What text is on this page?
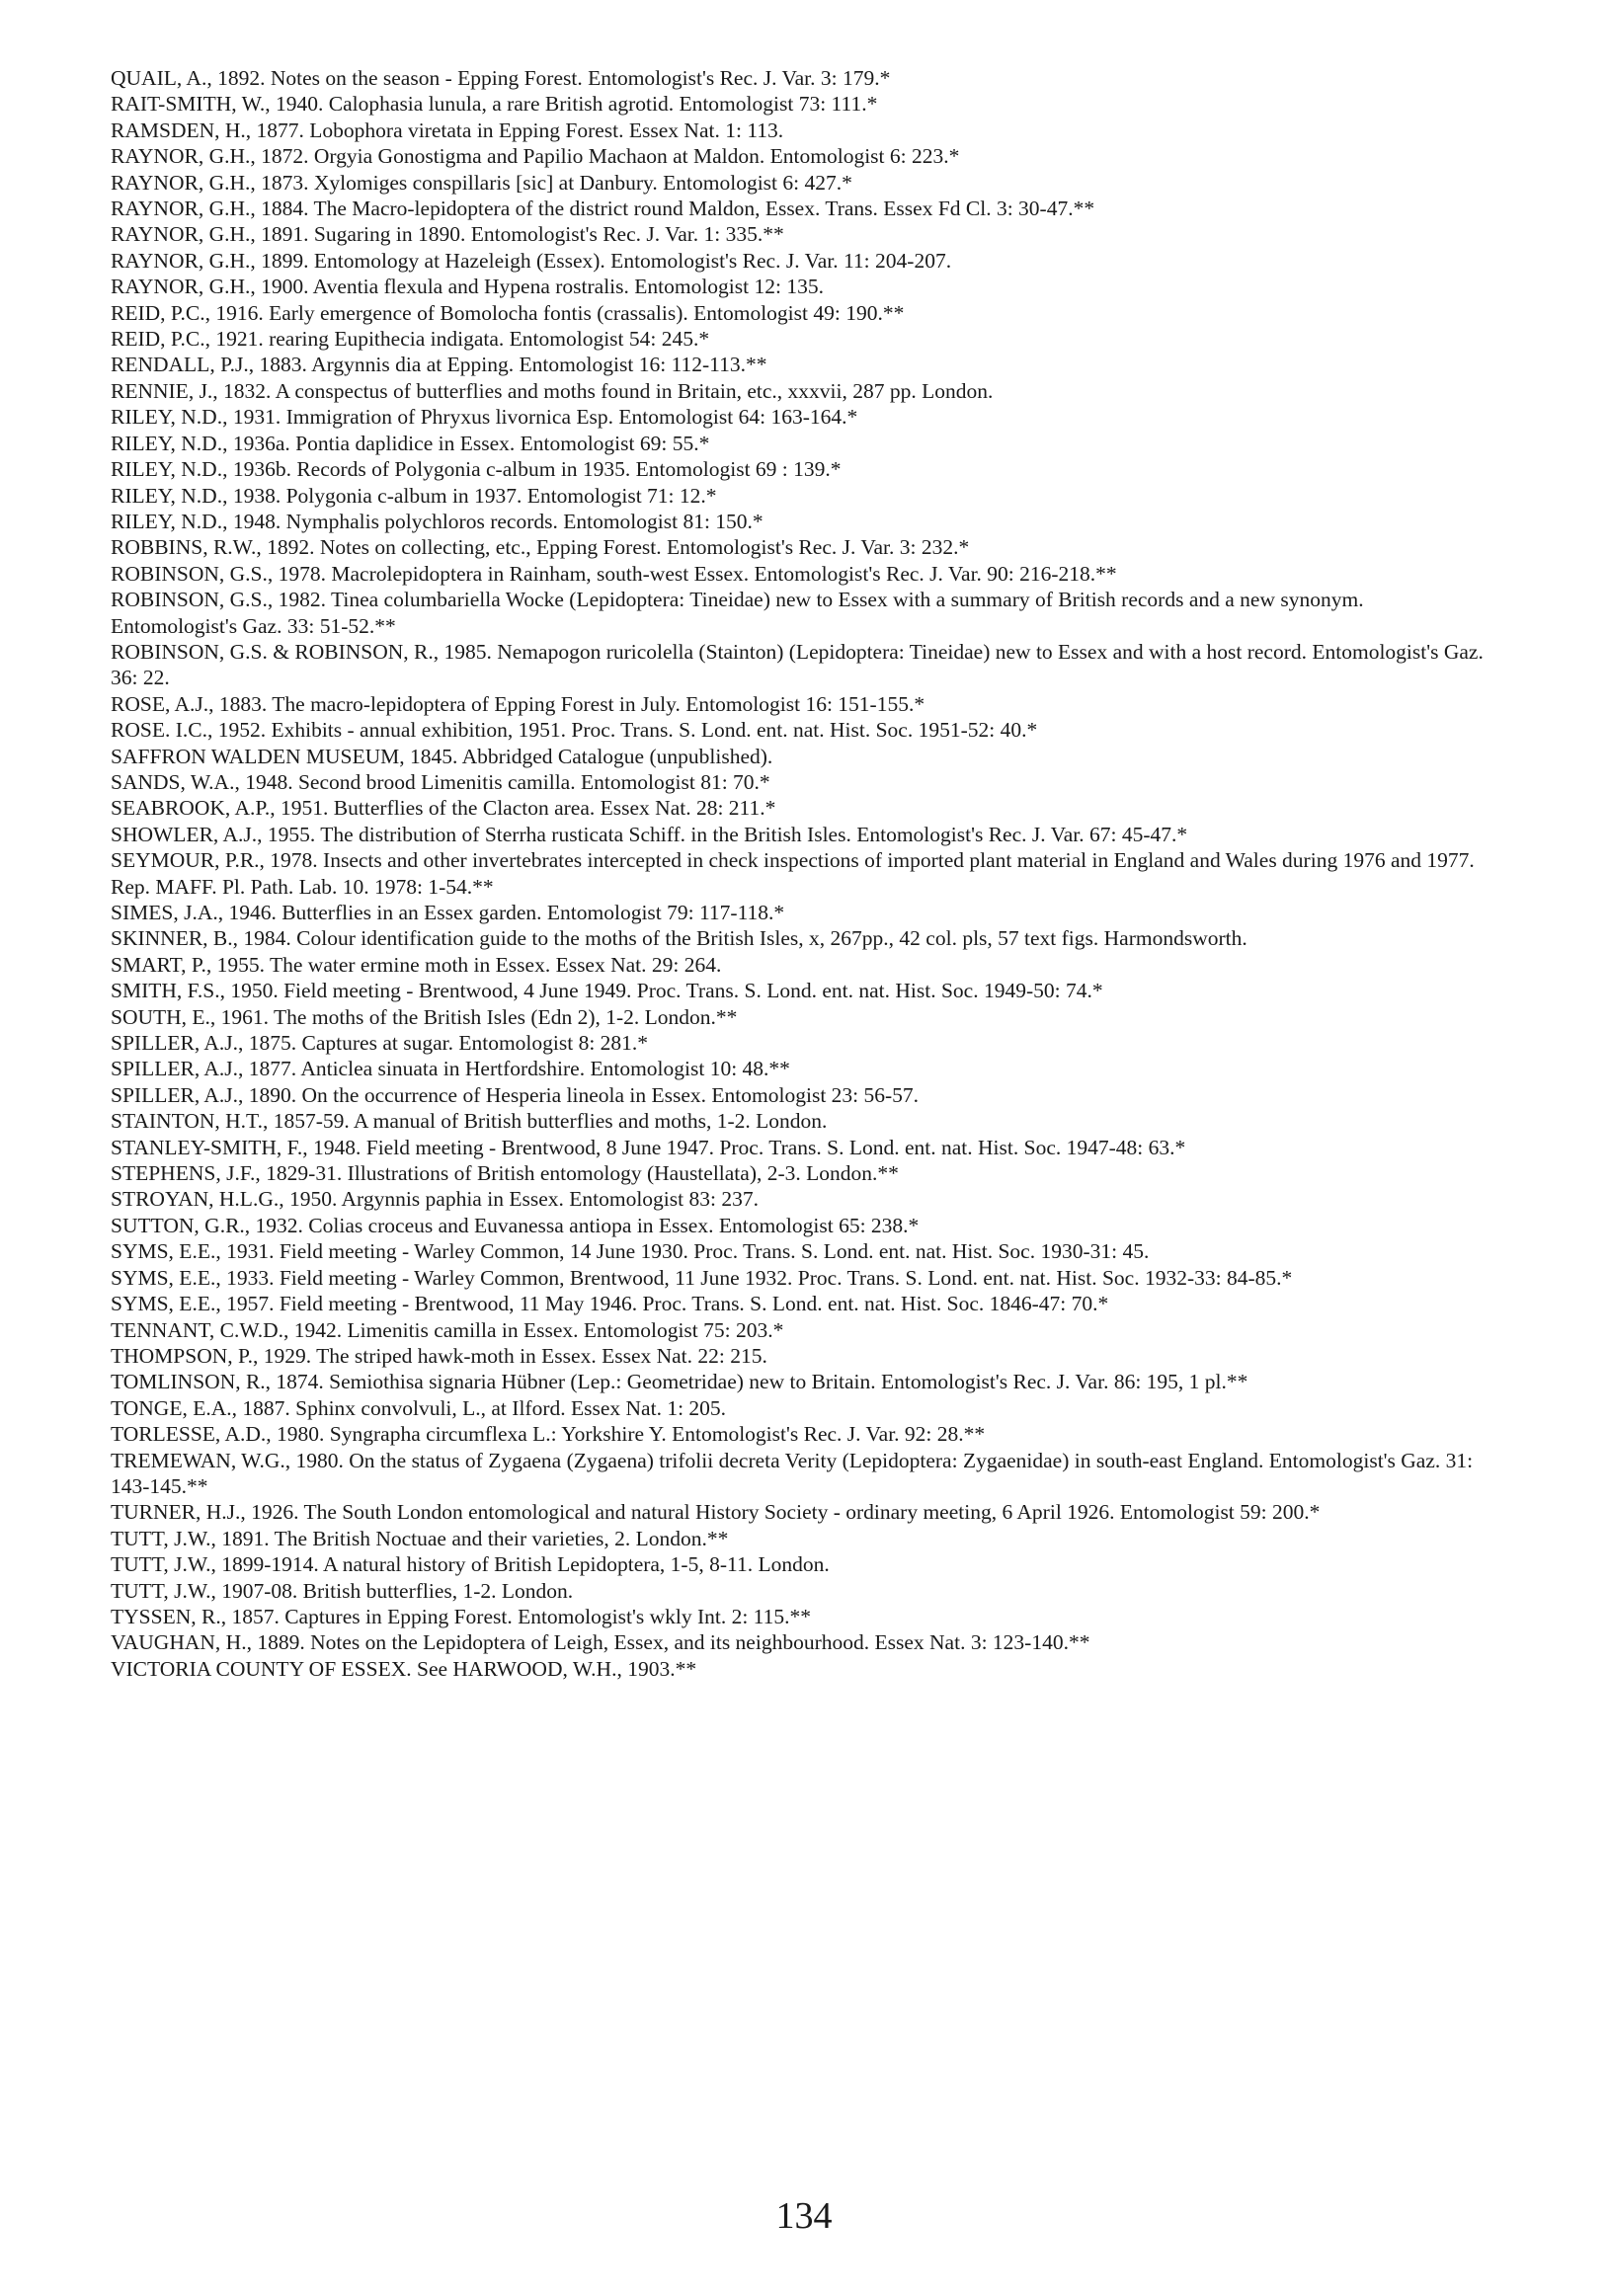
QUAIL, A., 1892. Notes on the season - Epping Forest. Entomologist's Rec. J. Var. 3: 179.*

RAIT-SMITH, W., 1940. Calophasia lunula, a rare British agrotid. Entomologist 73: 111.*

RAMSDEN, H., 1877. Lobophora viretata in Epping Forest. Essex Nat. 1: 113.

RAYNOR, G.H., 1872. Orgyia Gonostigma and Papilio Machaon at Maldon. Entomologist 6: 223.*

RAYNOR, G.H., 1873. Xylomiges conspillaris [sic] at Danbury. Entomologist 6: 427.*

RAYNOR, G.H., 1884. The Macro-lepidoptera of the district round Maldon, Essex. Trans. Essex Fd Cl. 3: 30-47.**

RAYNOR, G.H., 1891. Sugaring in 1890. Entomologist's Rec. J. Var. 1: 335.**

RAYNOR, G.H., 1899. Entomology at Hazeleigh (Essex). Entomologist's Rec. J. Var. 11: 204-207.

RAYNOR, G.H., 1900. Aventia flexula and Hypena rostralis. Entomologist 12: 135.

REID, P.C., 1916. Early emergence of Bomolocha fontis (crassalis). Entomologist 49: 190.**

REID, P.C., 1921. rearing Eupithecia indigata. Entomologist 54: 245.*

RENDALL, P.J., 1883. Argynnis dia at Epping. Entomologist 16: 112-113.**

RENNIE, J., 1832. A conspectus of butterflies and moths found in Britain, etc., xxxvii, 287 pp. London.

RILEY, N.D., 1931. Immigration of Phryxus livornica Esp. Entomologist 64: 163-164.*

RILEY, N.D., 1936a. Pontia daplidice in Essex. Entomologist 69: 55.*

RILEY, N.D., 1936b. Records of Polygonia c-album in 1935. Entomologist 69 : 139.*

RILEY, N.D., 1938. Polygonia c-album in 1937. Entomologist 71: 12.*

RILEY, N.D., 1948. Nymphalis polychloros records. Entomologist 81: 150.*

ROBBINS, R.W., 1892. Notes on collecting, etc., Epping Forest. Entomologist's Rec. J. Var. 3: 232.*

ROBINSON, G.S., 1978. Macrolepidoptera in Rainham, south-west Essex. Entomologist's Rec. J. Var. 90: 216-218.**

ROBINSON, G.S., 1982. Tinea columbariella Wocke (Lepidoptera: Tineidae) new to Essex with a summary of British records and a new synonym. Entomologist's Gaz. 33: 51-52.**

ROBINSON, G.S. & ROBINSON, R., 1985. Nemapogon ruricolella (Stainton) (Lepidoptera: Tineidae) new to Essex and with a host record. Entomologist's Gaz. 36: 22.

ROSE, A.J., 1883. The macro-lepidoptera of Epping Forest in July. Entomologist 16: 151-155.*

ROSE. I.C., 1952. Exhibits - annual exhibition, 1951. Proc. Trans. S. Lond. ent. nat. Hist. Soc. 1951-52: 40.*

SAFFRON WALDEN MUSEUM, 1845. Abbridged Catalogue (unpublished).

SANDS, W.A., 1948. Second brood Limenitis camilla. Entomologist 81: 70.*

SEABROOK, A.P., 1951. Butterflies of the Clacton area. Essex Nat. 28: 211.*

SHOWLER, A.J., 1955. The distribution of Sterrha rusticata Schiff. in the British Isles. Entomologist's Rec. J. Var. 67: 45-47.*

SEYMOUR, P.R., 1978. Insects and other invertebrates intercepted in check inspections of imported plant material in England and Wales during 1976 and 1977. Rep. MAFF. Pl. Path. Lab. 10. 1978: 1-54.**

SIMES, J.A., 1946. Butterflies in an Essex garden. Entomologist 79: 117-118.*

SKINNER, B., 1984. Colour identification guide to the moths of the British Isles, x, 267pp., 42 col. pls, 57 text figs. Harmondsworth.

SMART, P., 1955. The water ermine moth in Essex. Essex Nat. 29: 264.

SMITH, F.S., 1950. Field meeting - Brentwood, 4 June 1949. Proc. Trans. S. Lond. ent. nat. Hist. Soc. 1949-50: 74.*

SOUTH, E., 1961. The moths of the British Isles (Edn 2), 1-2. London.**

SPILLER, A.J., 1875. Captures at sugar. Entomologist 8: 281.*

SPILLER, A.J., 1877. Anticlea sinuata in Hertfordshire. Entomologist 10: 48.**

SPILLER, A.J., 1890. On the occurrence of Hesperia lineola in Essex. Entomologist 23: 56-57.

STAINTON, H.T., 1857-59. A manual of British butterflies and moths, 1-2. London.

STANLEY-SMITH, F., 1948. Field meeting - Brentwood, 8 June 1947. Proc. Trans. S. Lond. ent. nat. Hist. Soc. 1947-48: 63.*

STEPHENS, J.F., 1829-31. Illustrations of British entomology (Haustellata), 2-3. London.**

STROYAN, H.L.G., 1950. Argynnis paphia in Essex. Entomologist 83: 237.

SUTTON, G.R., 1932. Colias croceus and Euvanessa antiopa in Essex. Entomologist 65: 238.*

SYMS, E.E., 1931. Field meeting - Warley Common, 14 June 1930. Proc. Trans. S. Lond. ent. nat. Hist. Soc. 1930-31: 45.

SYMS, E.E., 1933. Field meeting - Warley Common, Brentwood, 11 June 1932. Proc. Trans. S. Lond. ent. nat. Hist. Soc. 1932-33: 84-85.*

SYMS, E.E., 1957. Field meeting - Brentwood, 11 May 1946. Proc. Trans. S. Lond. ent. nat. Hist. Soc. 1846-47: 70.*

TENNANT, C.W.D., 1942. Limenitis camilla in Essex. Entomologist 75: 203.*

THOMPSON, P., 1929. The striped hawk-moth in Essex. Essex Nat. 22: 215.

TOMLINSON, R., 1874. Semiothisa signaria Hübner (Lep.: Geometridae) new to Britain. Entomologist's Rec. J. Var. 86: 195, 1 pl.**

TONGE, E.A., 1887. Sphinx convolvuli, L., at Ilford. Essex Nat. 1: 205.

TORLESSE, A.D., 1980. Syngrapha circumflexa L.: Yorkshire Y. Entomologist's Rec. J. Var. 92: 28.**

TREMEWAN, W.G., 1980. On the status of Zygaena (Zygaena) trifolii decreta Verity (Lepidoptera: Zygaenidae) in south-east England. Entomologist's Gaz. 31: 143-145.**

TURNER, H.J., 1926. The South London entomological and natural History Society - ordinary meeting, 6 April 1926. Entomologist 59: 200.*

TUTT, J.W., 1891. The British Noctuae and their varieties, 2. London.**

TUTT, J.W., 1899-1914. A natural history of British Lepidoptera, 1-5, 8-11. London.

TUTT, J.W., 1907-08. British butterflies, 1-2. London.

TYSSEN, R., 1857. Captures in Epping Forest. Entomologist's wkly Int. 2: 115.**

VAUGHAN, H., 1889. Notes on the Lepidoptera of Leigh, Essex, and its neighbourhood. Essex Nat. 3: 123-140.**

VICTORIA COUNTY OF ESSEX. See HARWOOD, W.H., 1903.**

134
